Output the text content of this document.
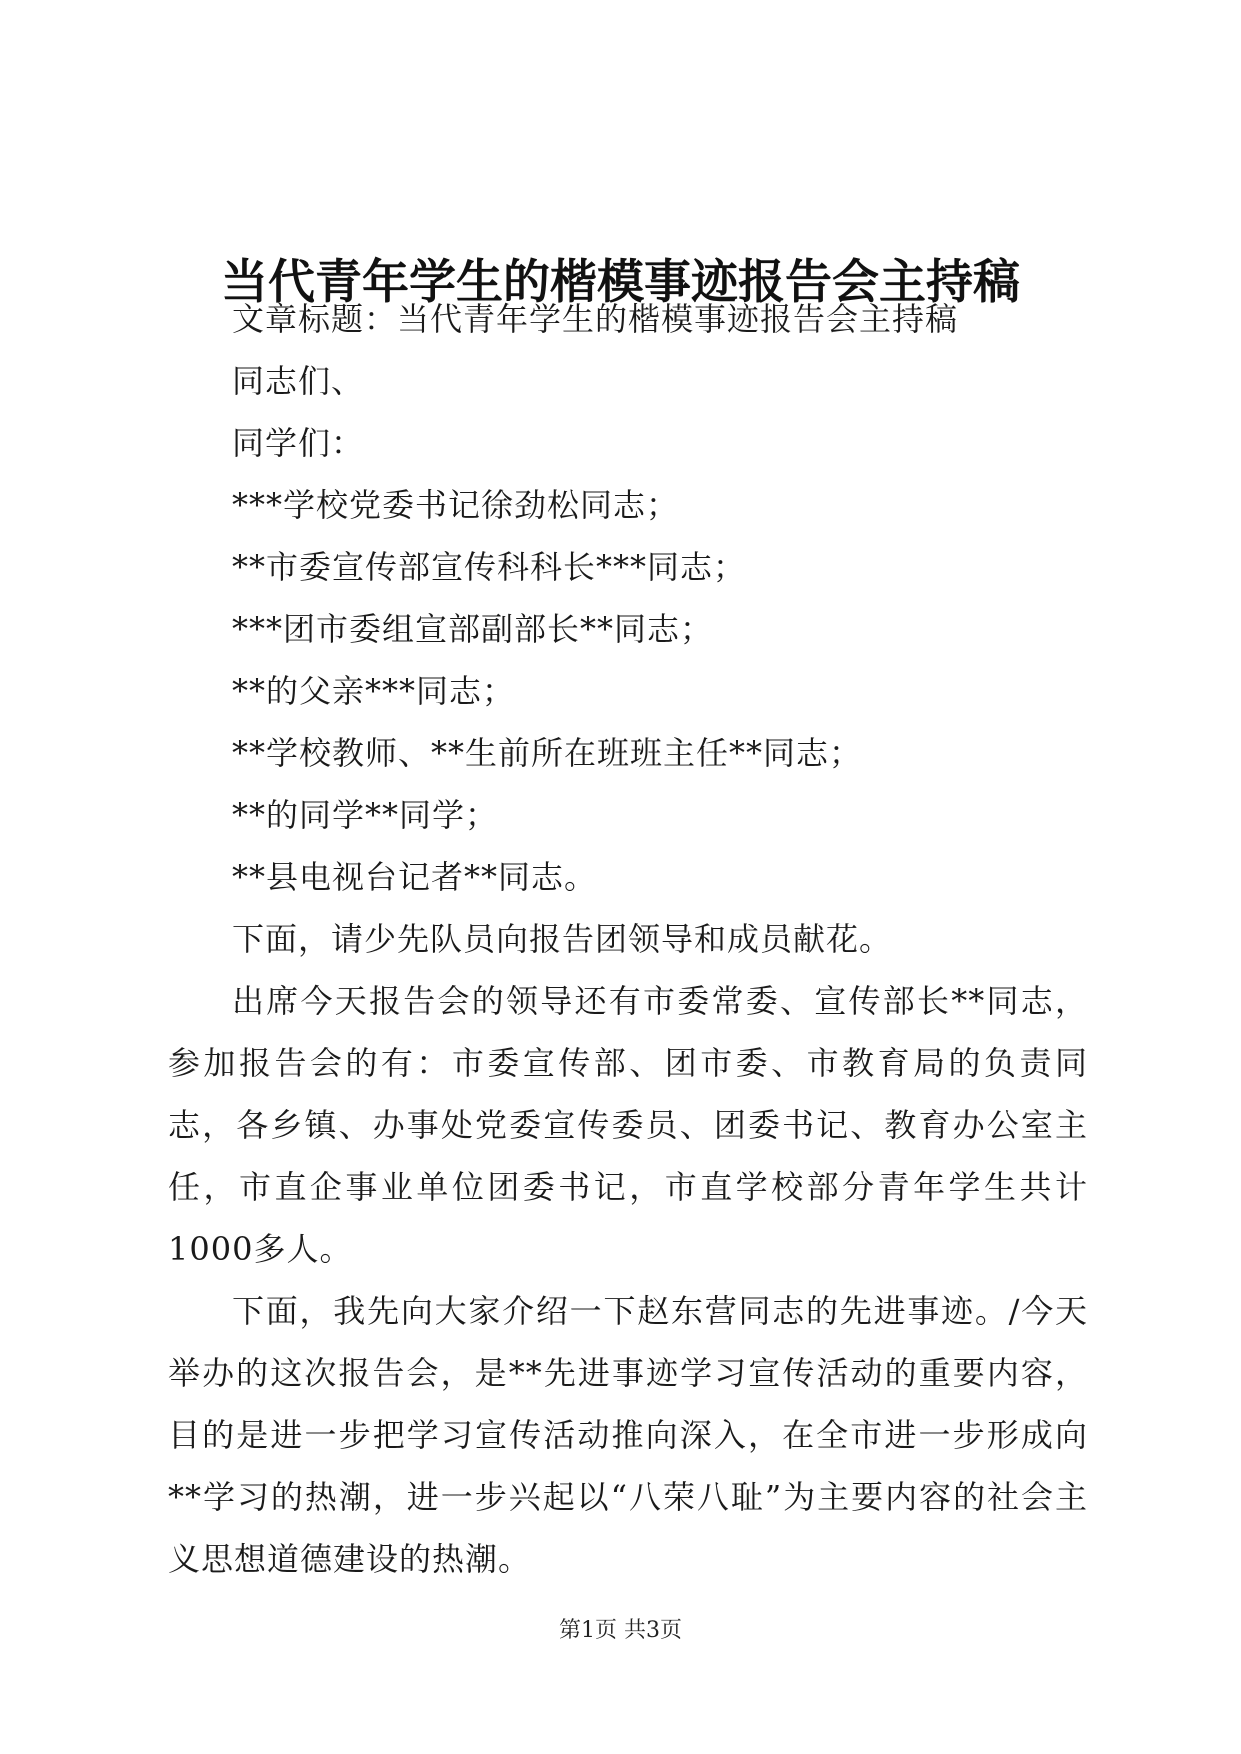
当代青年学生的楷模事迹报告会主持稿

文章标题：当代青年学生的楷模事迹报告会主持稿

同志们、

同学们：

***学校党委书记徐劲松同志；

**市委宣传部宣传科科长***同志；

***团市委组宣部副部长**同志；

**的父亲***同志；

**学校教师、**生前所在班班主任**同志；

**的同学**同学；

**县电视台记者**同志。

下面，请少先队员向报告团领导和成员献花。

出席今天报告会的领导还有市委常委、宣传部长**同志，参加报告会的有：市委宣传部、团市委、市教育局的负责同志，各乡镇、办事处党委宣传委员、团委书记、教育办公室主任，市直企事业单位团委书记，市直学校部分青年学生共计1000多人。

下面，我先向大家介绍一下赵东营同志的先进事迹。/今天举办的这次报告会，是**先进事迹学习宣传活动的重要内容，目的是进一步把学习宣传活动推向深入，在全市进一步形成向**学习的热潮，进一步兴起以“八荣八耻”为主要内容的社会主义思想道德建设的热潮。

第1页 共3页
